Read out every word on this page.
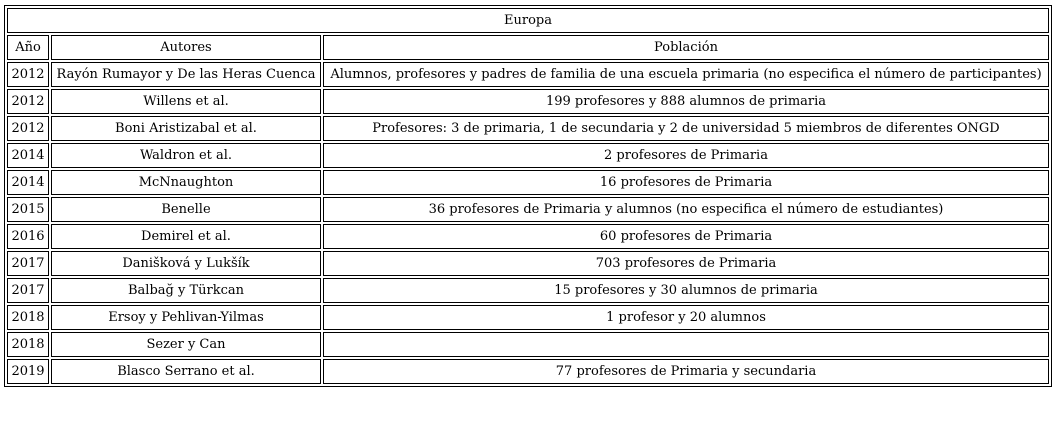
Europa		
Año	Autores	Población
2012	Rayón Rumayor y De las Heras Cuenca	Alumnos, profesores y padres de familia de una escuela primaria (no especifica el número de participantes)
2012	Willens et al.	199 profesores y 888 alumnos de primaria
2012	Boni Aristizabal et al.	Profesores: 3 de primaria, 1 de secundaria y 2 de universidad 5 miembros de diferentes ONGD
2014	Waldron et al.	2 profesores de Primaria
2014	McNnaughton	16 profesores de Primaria
2015	Benelle	36 profesores de Primaria y alumnos (no especifica el número de estudiantes)
2016	Demirel et al.	60 profesores de Primaria
2017	Danišková y Lukšík	703 profesores de Primaria
2017	Balbağ y Türkcan	15 profesores y 30 alumnos de primaria
2018	Ersoy y Pehlivan-Yilmas	1 profesor y 20 alumnos
2018	Sezer y Can	
2019	Blasco Serrano et al.	77 profesores de Primaria y secundaria
